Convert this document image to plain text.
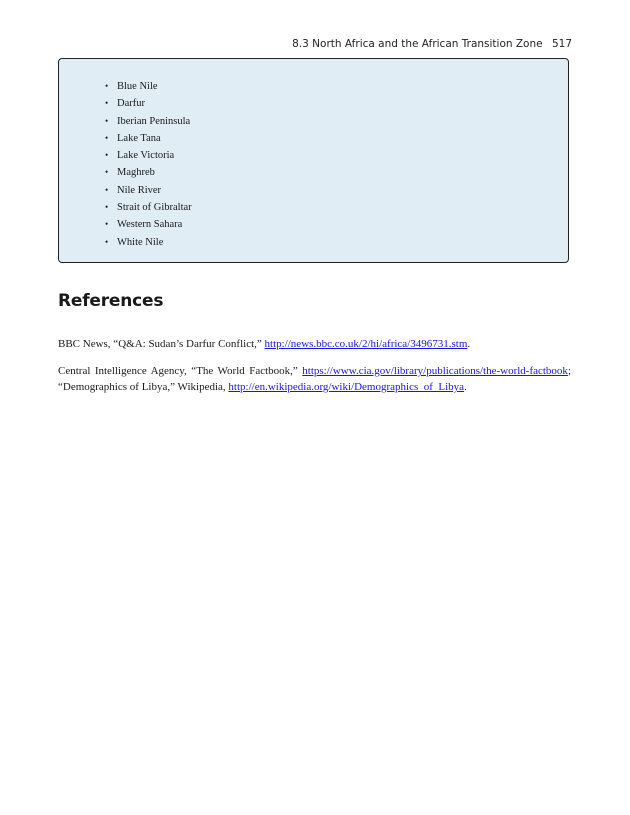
8.3 North Africa and the African Transition Zone 517
• Blue Nile
• Darfur
• Iberian Peninsula
• Lake Tana
• Lake Victoria
• Maghreb
• Nile River
• Strait of Gibraltar
• Western Sahara
• White Nile
References

BBC News, “Q&A: Sudan’s Darfur Conflict,” http://news.bbc.co.uk/2/hi/africa/3496731.stm.

Central Intelligence Agency, “The World Factbook,” https://www.cia.gov/library/publications/the-world-factbook; “Demographics of Libya,” Wikipedia, http://en.wikipedia.org/wiki/Demographics_of_Libya.
